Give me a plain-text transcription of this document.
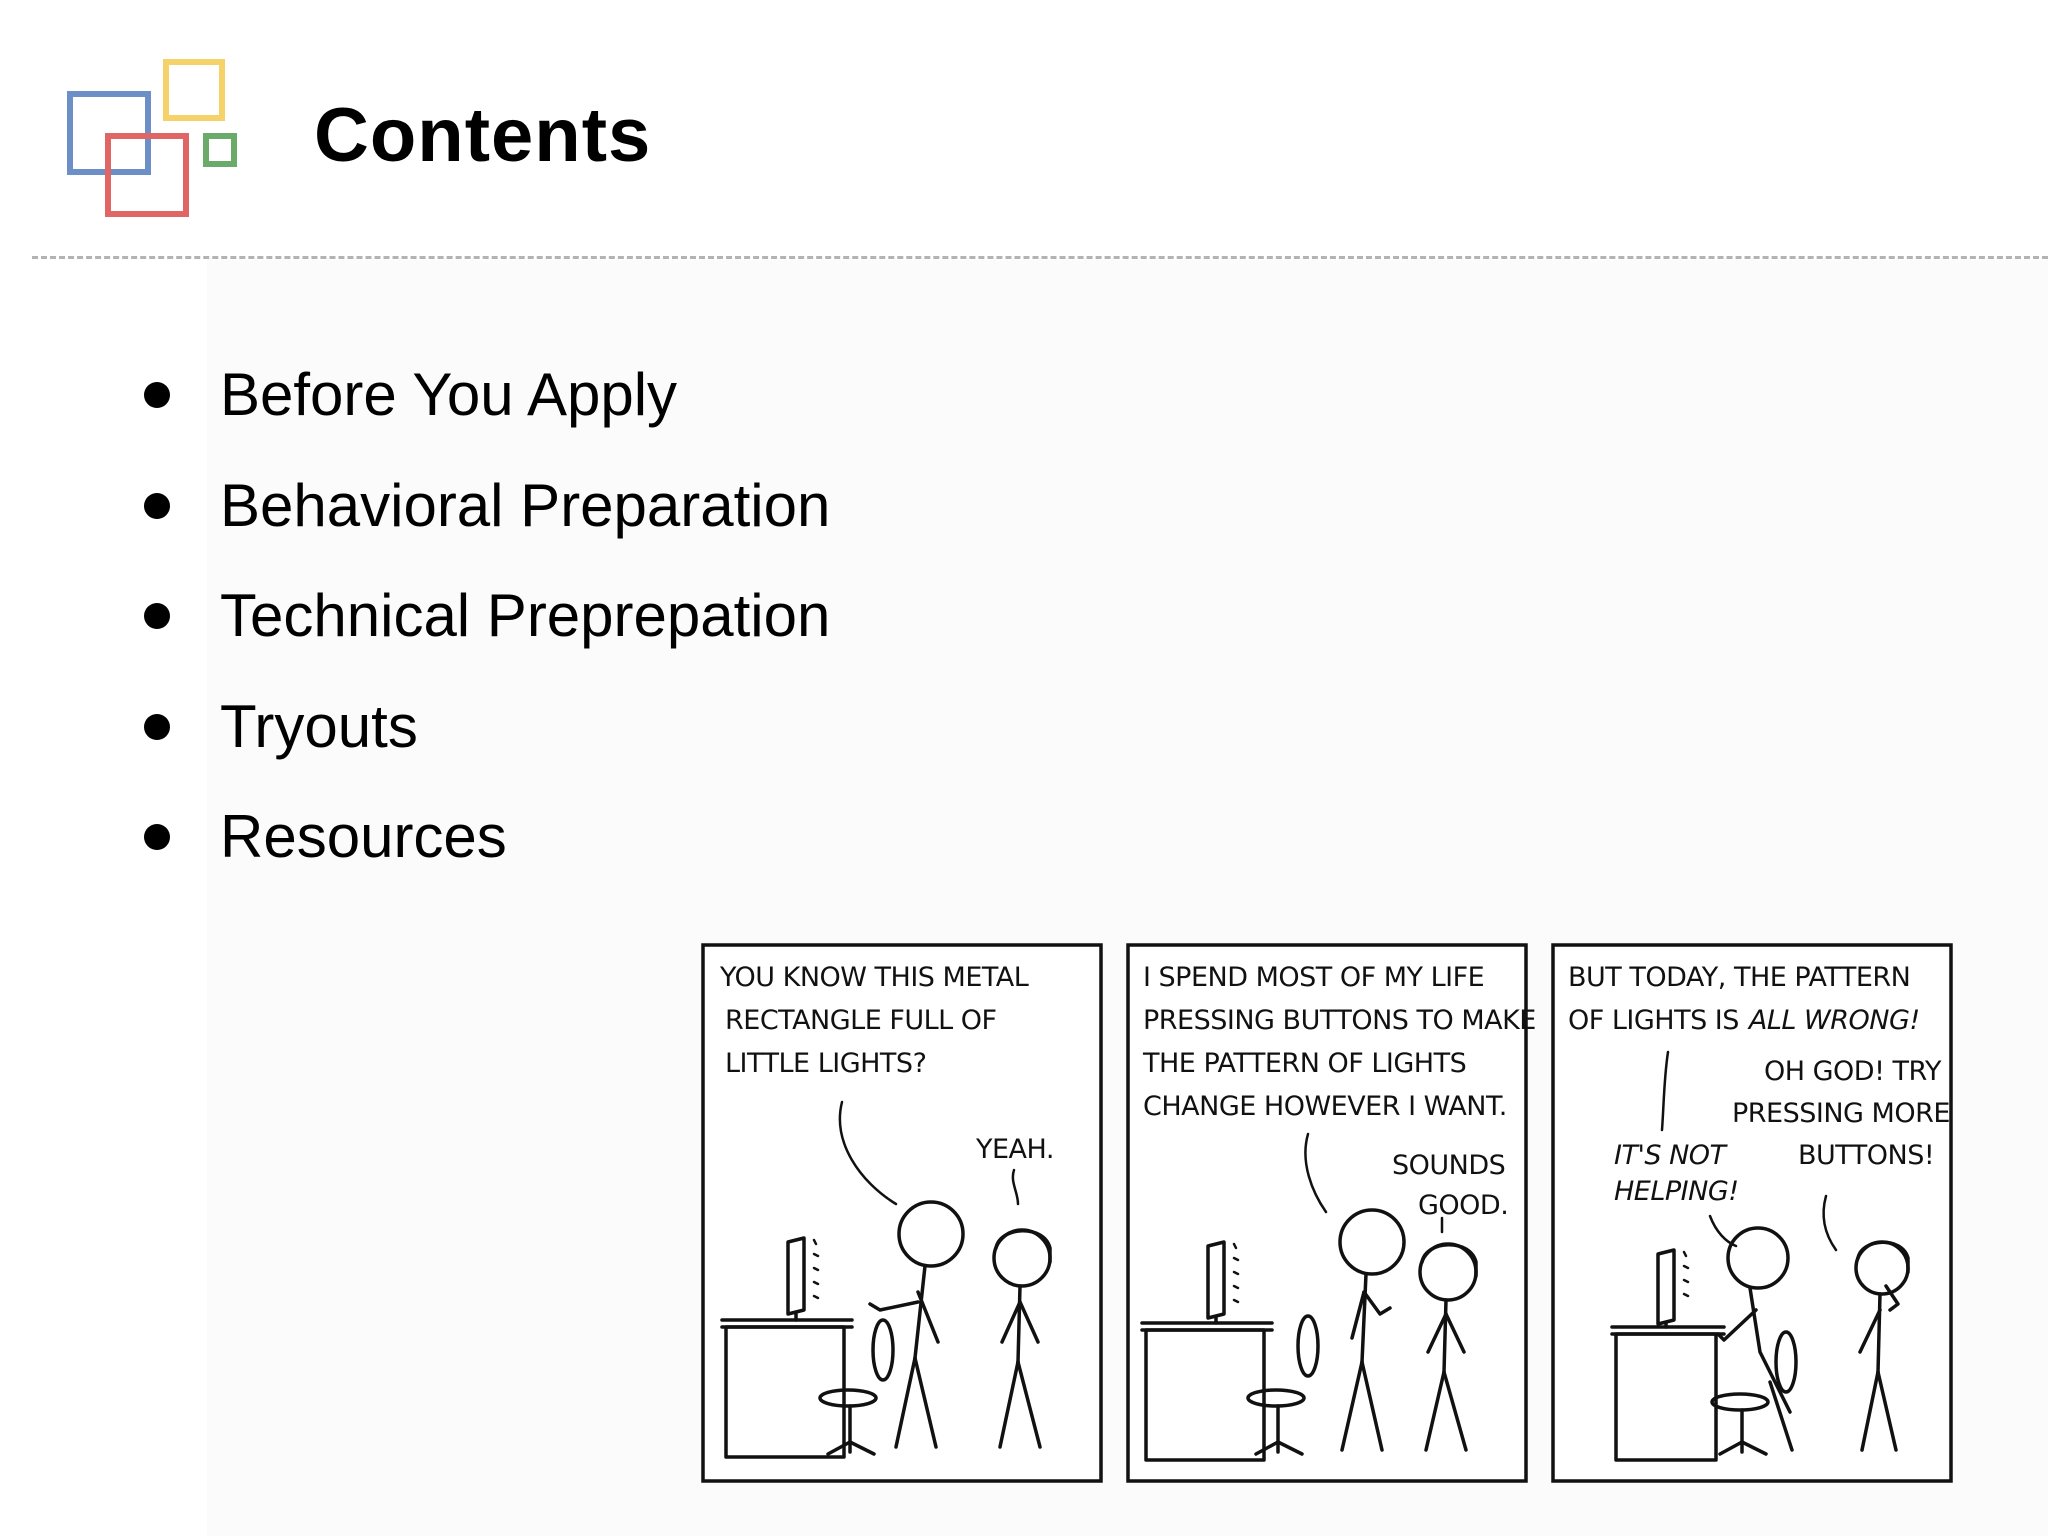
Contents
Before You Apply
Behavioral Preparation
Technical Preprepation
Tryouts
Resources
YOU KNOW THIS METAL
RECTANGLE FULL OF
LITTLE LIGHTS?
YEAH.
I SPEND MOST OF MY LIFE
PRESSING BUTTONS TO MAKE
THE PATTERN OF LIGHTS
CHANGE HOWEVER I WANT.
SOUNDS
GOOD.
BUT TODAY, THE PATTERN
OF LIGHTS IS ALL WRONG!
OH GOD! TRY
PRESSING MORE
BUTTONS!
IT'S NOT
HELPING!
